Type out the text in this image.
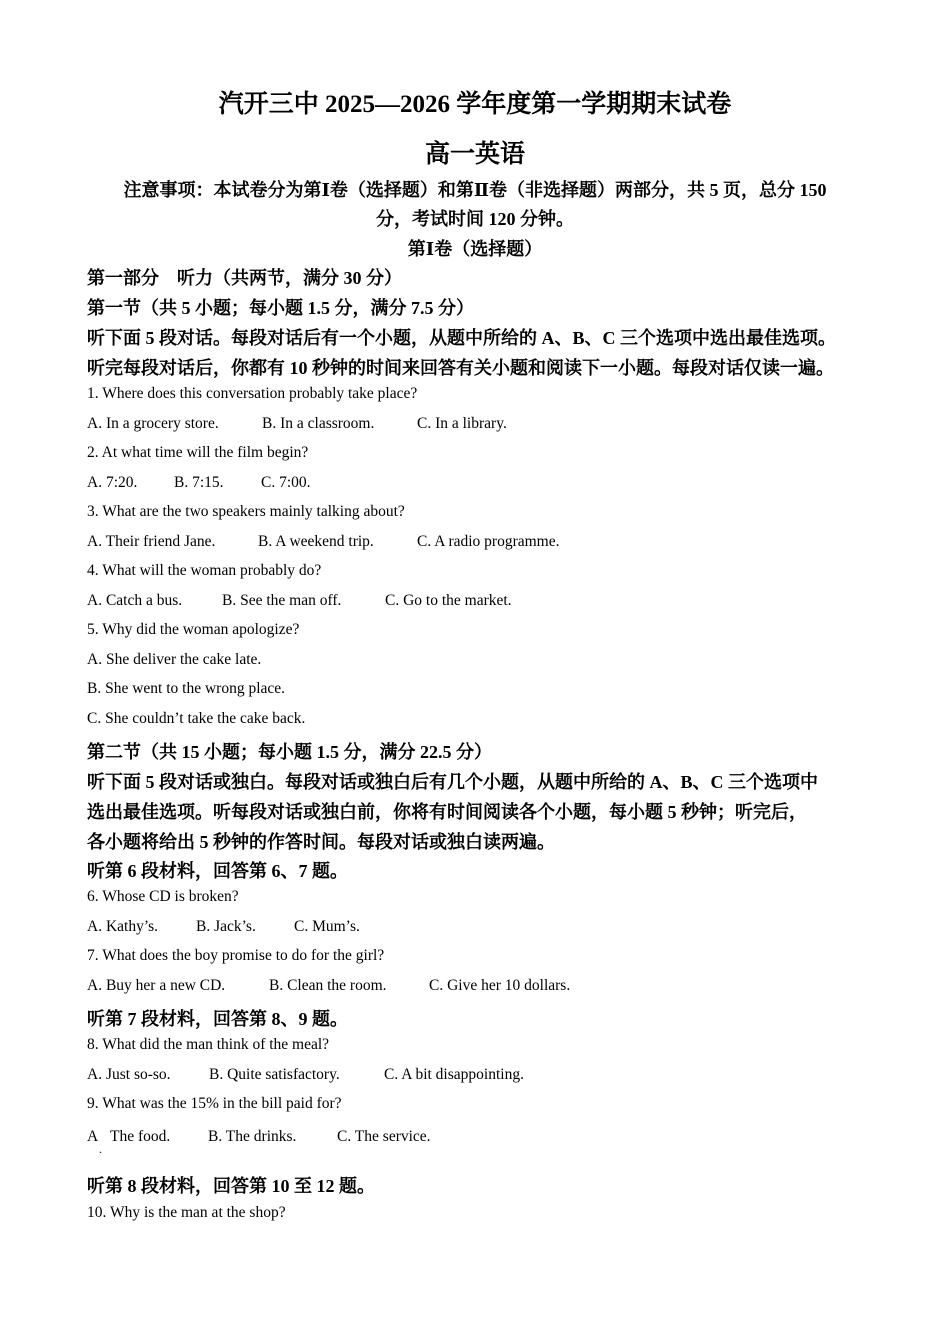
汽开三中 2025—2026 学年度第一学期期末试卷
高一英语
注意事项：本试卷分为第Ⅰ卷（选择题）和第Ⅱ卷（非选择题）两部分，共 5 页，总分 150
分，考试时间 120 分钟。
第Ⅰ卷（选择题）
第一部分　听力（共两节，满分 30 分）
第一节（共 5 小题；每小题 1.5 分，满分 7.5 分）
听下面 5 段对话。每段对话后有一个小题，从题中所给的 A、B、C 三个选项中选出最佳选项。
听完每段对话后，你都有 10 秒钟的时间来回答有关小题和阅读下一小题。每段对话仅读一遍。
1. Where does this conversation probably take place?
A. In a grocery store.	B. In a classroom.	C. In a library.
2. At what time will the film begin?
A. 7:20. B. 7:15. C. 7:00.
3. What are the two speakers mainly talking about?
A. Their friend Jane.	B. A weekend trip.	C. A radio programme.
4. What will the woman probably do?
A. Catch a bus.	B. See the man off.	C. Go to the market.
5. Why did the woman apologize?
A. She deliver the cake late.
B. She went to the wrong place.
C. She couldn’t take the cake back.
第二节（共 15 小题；每小题 1.5 分，满分 22.5 分）
听下面 5 段对话或独白。每段对话或独白后有几个小题，从题中所给的 A、B、C 三个选项中
选出最佳选项。听每段对话或独白前，你将有时间阅读各个小题，每小题 5 秒钟；听完后，
各小题将给出 5 秒钟的作答时间。每段对话或独白读两遍。
听第 6 段材料，回答第 6、7 题。
6. Whose CD is broken?
A. Kathy’s. B. Jack’s. C. Mum’s.
7. What does the boy promise to do for the girl?
A. Buy her a new CD.	B. Clean the room.	C. Give her 10 dollars.
听第 7 段材料，回答第 8、9 题。
8. What did the man think of the meal?
A. Just so-so. B. Quite satisfactory.	C. A bit disappointing.
9. What was the 15% in the bill paid for?
A
.
The food. B. The drinks.	C. The service.
听第 8 段材料，回答第 10 至 12 题。
10. Why is the man at the shop?
